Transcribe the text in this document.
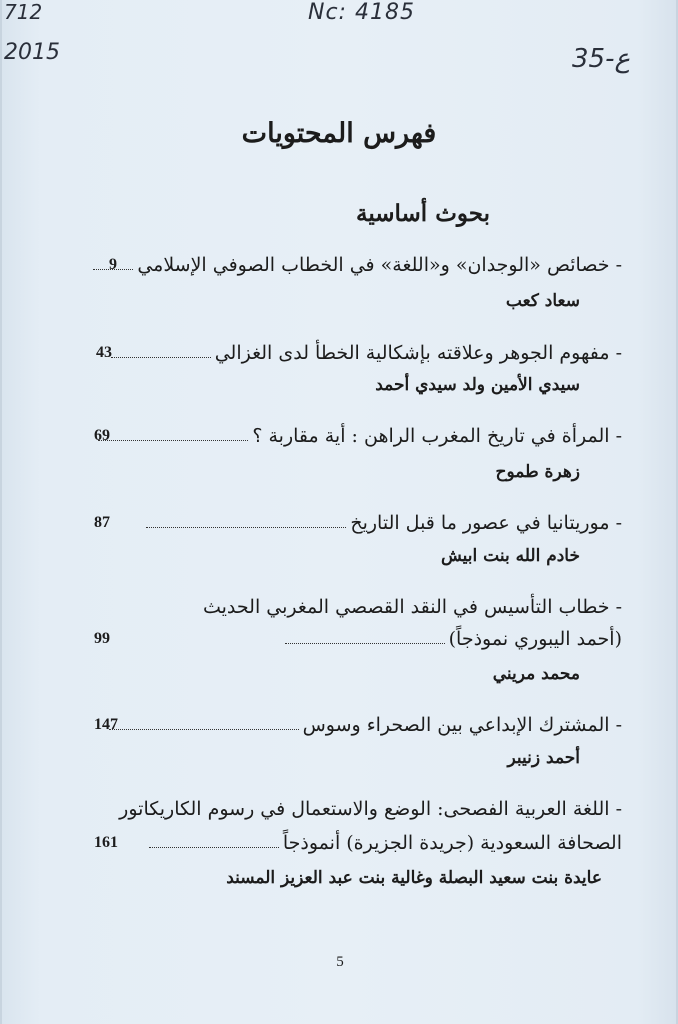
712
2015
Nc: 4185
35-ع
فهرس المحتويات
بحوث أساسية
- خصائص «الوجدان» و«اللغة» في الخطاب الصوفي الإسلامي
9
سعاد كعب
- مفهوم الجوهر وعلاقته بإشكالية الخطأ لدى الغزالي
43
سيدي الأمين ولد سيدي أحمد
- المرأة في تاريخ المغرب الراهن : أية مقاربة ؟
69
زهرة طموح
- موريتانيا في عصور ما قبل التاريخ
87
خادم الله بنت ابيش
- خطاب التأسيس في النقد القصصي المغربي الحديث
(أحمد اليبوري نموذجاً)
99
محمد مريني
- المشترك الإبداعي بين الصحراء وسوس
147
أحمد زنيبر
- اللغة العربية الفصحى: الوضع والاستعمال في رسوم الكاريكاتور
الصحافة السعودية (جريدة الجزيرة) أنموذجاً
161
عايدة بنت سعيد البصلة وغالية بنت عبد العزيز المسند
5
